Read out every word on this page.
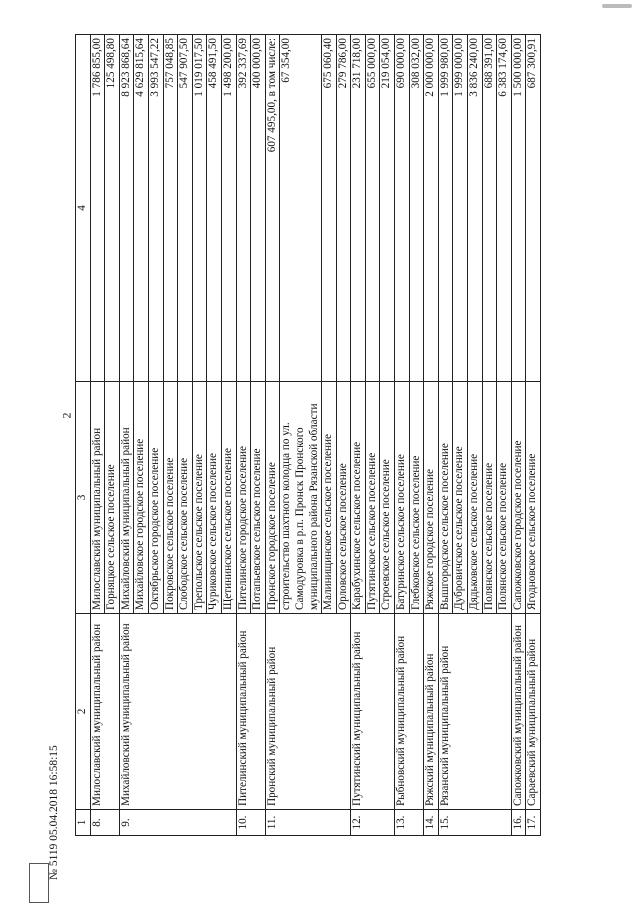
2
1	2	3	4
8.	Милославский муниципальный район	Милославский муниципальный район	1 786 855,00
		Горняцкое сельское поселение	125 498,80
9.	Михайловский муниципальный район	Михайловский муниципальный район	8 923 868,64
		Михайловское городское поселение	4 629 815,64
		Октябрьское городское поселение	3 993 547,22
		Покровское сельское поселение	757 048,85
		Слободское сельское поселение	547 907,50
		Трепольское сельское поселение	1 019 017,50
		Чуриковское сельское поселение	458 491,50
		Щетининское сельское поселение	1 498 200,00
10.	Пителинский муниципальный район	Пителинское городское поселение	392 337,69
		Потапьевское сельское поселение	400 000,00
11.	Пронский муниципальный район	Пронское городское поселение	607 495,00, в том числе:
		строительство шахтного колодца по ул. Самодуровка в р.п. Пронск Пронского муниципального района Рязанской области	67 354,00
		Малинищинское сельское поселение	675 060,40
		Орловское сельское поселение	279 786,00
12.	Путятинский муниципальный район	Карабухинское сельское поселение	231 718,00
		Путятинское сельское поселение	655 000,00
		Строевское сельское поселение	219 054,00
13.	Рыбновский муниципальный район	Батуринское сельское поселение	690 000,00
		Глебковское сельское поселение	308 032,00
14.	Ряжский муниципальный район	Ряжское городское поселение	2 000 000,00
15.	Рязанский муниципальный район	Вышгородское сельское поселение	1 999 980,00
		Дубровичское сельское поселение	1 999 000,00
		Дядьковское сельское поселение	3 836 240,00
		Полянское сельское поселение	688 391,00
		Полянское сельское поселение	6 383 174,60
16.	Сапожковский муниципальный район	Сапожковское городское поселение	1 500 000,00
17.	Сараевский муниципальный район	Ягодновское сельское поселение	687 300,91
№ 5119 05.04.2018 16:58:15
